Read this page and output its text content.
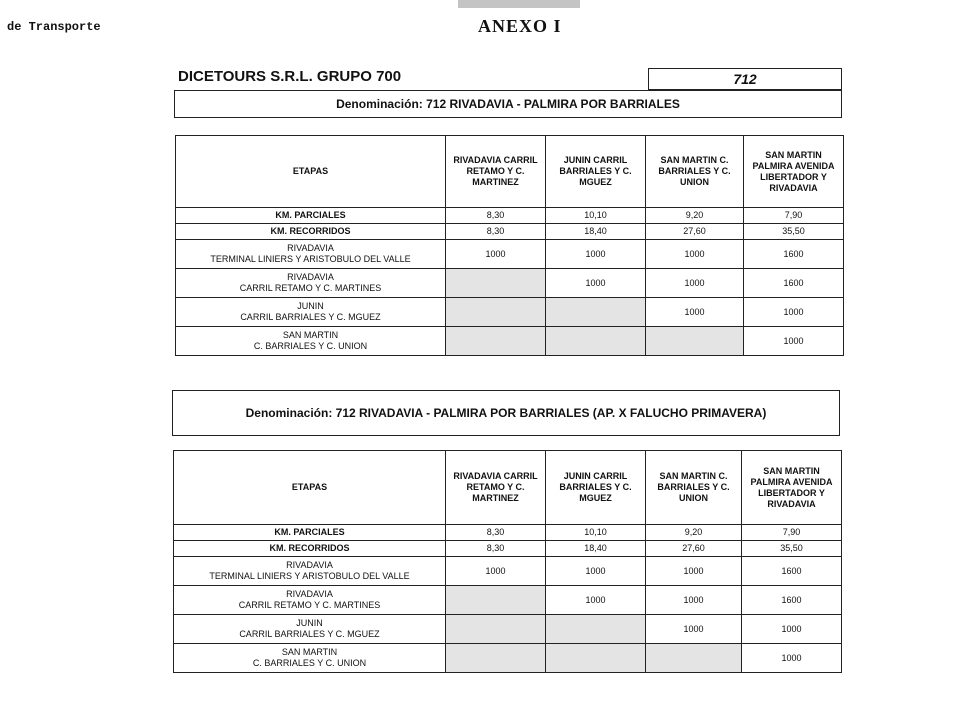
de Transporte	ANEXO I
DICETOURS S.R.L. GRUPO 700	712
Denominación: 712 RIVADAVIA - PALMIRA POR BARRIALES
ETAPAS	RIVADAVIA CARRIL RETAMO Y C. MARTINEZ	JUNIN CARRIL BARRIALES Y C. MGUEZ	SAN MARTIN C. BARRIALES Y C. UNION	SAN MARTIN PALMIRA AVENIDA LIBERTADOR Y RIVADAVIA
KM. PARCIALES	8,30	10,10	9,20	7,90
KM. RECORRIDOS	8,30	18,40	27,60	35,50

RIVADAVIA
TERMINAL LINIERS Y ARISTOBULO DEL VALLE	1000	1000	1000	1600

RIVADAVIA
CARRIL RETAMO Y C. MARTINES		1000	1000	1600

JUNIN
CARRIL BARRIALES Y C. MGUEZ			1000	1000

SAN MARTIN
C. BARRIALES Y C. UNION				1000
Denominación: 712 RIVADAVIA - PALMIRA POR BARRIALES (AP. X FALUCHO PRIMAVERA)
ETAPAS	RIVADAVIA CARRIL RETAMO Y C. MARTINEZ	JUNIN CARRIL BARRIALES Y C. MGUEZ	SAN MARTIN C. BARRIALES Y C. UNION	SAN MARTIN PALMIRA AVENIDA LIBERTADOR Y RIVADAVIA
KM. PARCIALES	8,30	10,10	9,20	7,90
KM. RECORRIDOS	8,30	18,40	27,60	35,50

RIVADAVIA
TERMINAL LINIERS Y ARISTOBULO DEL VALLE	1000	1000	1000	1600

RIVADAVIA
CARRIL RETAMO Y C. MARTINES		1000	1000	1600

JUNIN
CARRIL BARRIALES Y C. MGUEZ			1000	1000

SAN MARTIN
C. BARRIALES Y C. UNION				1000
